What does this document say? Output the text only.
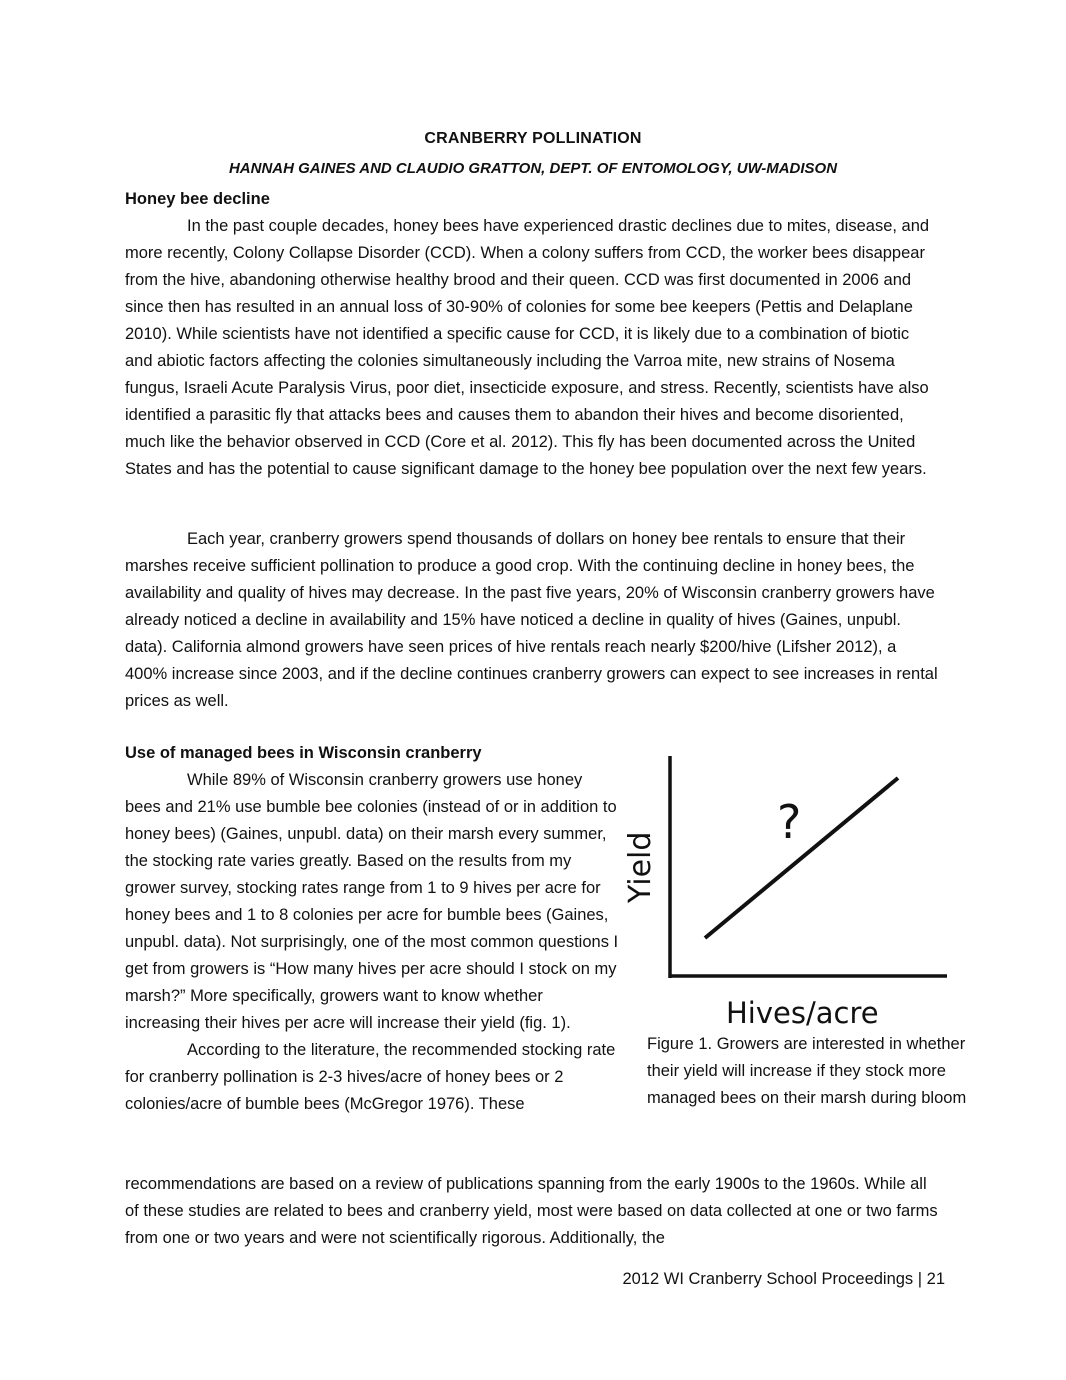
CRANBERRY POLLINATION
HANNAH GAINES AND CLAUDIO GRATTON, DEPT. OF ENTOMOLOGY, UW-MADISON
Honey bee decline

In the past couple decades, honey bees have experienced drastic declines due to mites, disease, and more recently, Colony Collapse Disorder (CCD). When a colony suffers from CCD, the worker bees disappear from the hive, abandoning otherwise healthy brood and their queen. CCD was first documented in 2006 and since then has resulted in an annual loss of 30-90% of colonies for some bee keepers (Pettis and Delaplane 2010). While scientists have not identified a specific cause for CCD, it is likely due to a combination of biotic and abiotic factors affecting the colonies simultaneously including the Varroa mite, new strains of Nosema fungus, Israeli Acute Paralysis Virus, poor diet, insecticide exposure, and stress. Recently, scientists have also identified a parasitic fly that attacks bees and causes them to abandon their hives and become disoriented, much like the behavior observed in CCD (Core et al. 2012). This fly has been documented across the United States and has the potential to cause significant damage to the honey bee population over the next few years.

Each year, cranberry growers spend thousands of dollars on honey bee rentals to ensure that their marshes receive sufficient pollination to produce a good crop. With the continuing decline in honey bees, the availability and quality of hives may decrease. In the past five years, 20% of Wisconsin cranberry growers have already noticed a decline in availability and 15% have noticed a decline in quality of hives (Gaines, unpubl. data). California almond growers have seen prices of hive rentals reach nearly $200/hive (Lifsher 2012), a 400% increase since 2003, and if the decline continues cranberry growers can expect to see increases in rental prices as well.

Use of managed bees in Wisconsin cranberry

While 89% of Wisconsin cranberry growers use honey bees and 21% use bumble bee colonies (instead of or in addition to honey bees) (Gaines, unpubl. data) on their marsh every summer, the stocking rate varies greatly. Based on the results from my grower survey, stocking rates range from 1 to 9 hives per acre for honey bees and 1 to 8 colonies per acre for bumble bees (Gaines, unpubl. data). Not surprisingly, one of the most common questions I get from growers is “How many hives per acre should I stock on my marsh?” More specifically, growers want to know whether increasing their hives per acre will increase their yield (fig. 1).

According to the literature, the recommended stocking rate for cranberry pollination is 2-3 hives/acre of honey bees or 2 colonies/acre of bumble bees (McGregor 1976). These

?
Yield
Hives/acre
Figure 1. Growers are interested in whether their yield will increase if they stock more managed bees on their marsh during bloom

recommendations are based on a review of publications spanning from the early 1900s to the 1960s. While all of these studies are related to bees and cranberry yield, most were based on data collected at one or two farms from one or two years and were not scientifically rigorous. Additionally, the

2012 WI Cranberry School Proceedings | 21
